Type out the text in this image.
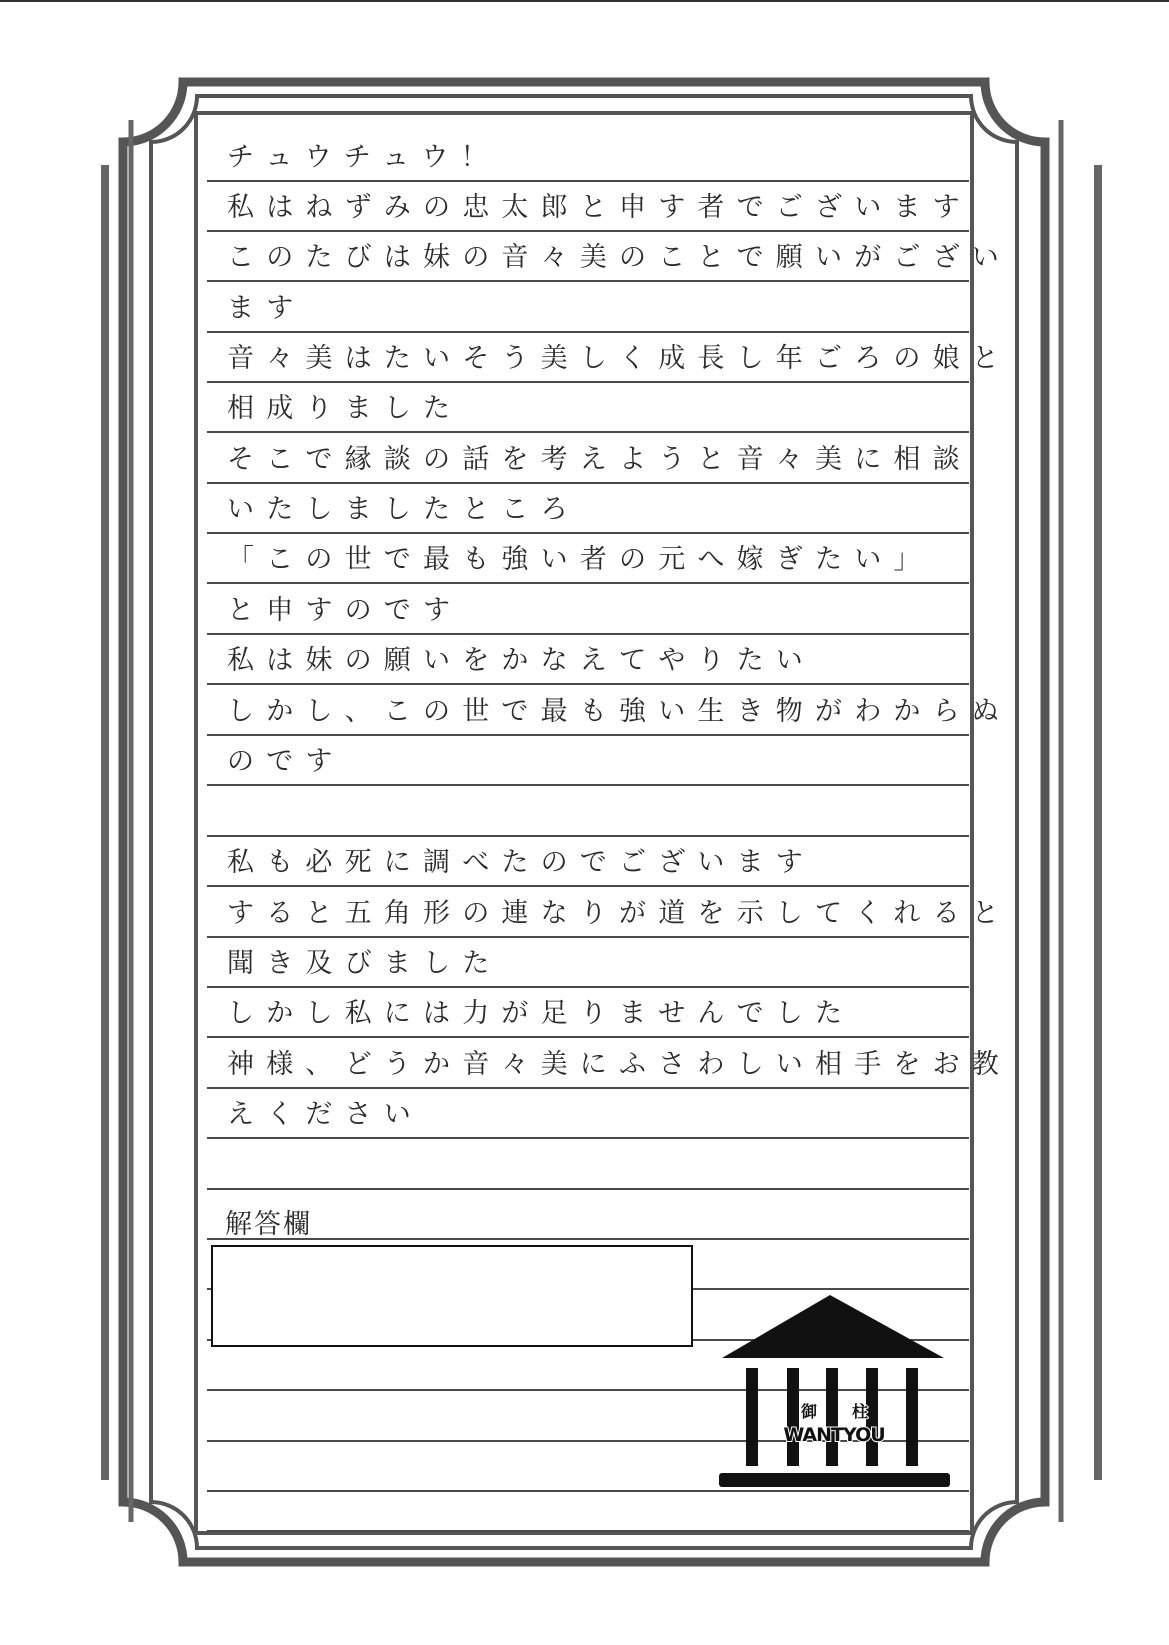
チュウチュウ！
私はねずみの忠太郎と申す者でございます
このたびは妹の音々美のことで願いがござい
ます
音々美はたいそう美しく成長し年ごろの娘と
相成りました
そこで縁談の話を考えようと音々美に相談
いたしましたところ
「この世で最も強い者の元へ嫁ぎたい」
と申すのです
私は妹の願いをかなえてやりたい
しかし、この世で最も強い生き物がわからぬ
のです
私も必死に調べたのでございます
すると五角形の連なりが道を示してくれると
聞き及びました
しかし私には力が足りませんでした
神様、どうか音々美にふさわしい相手をお教
えください
解答欄
御 柱
WANTYOU
